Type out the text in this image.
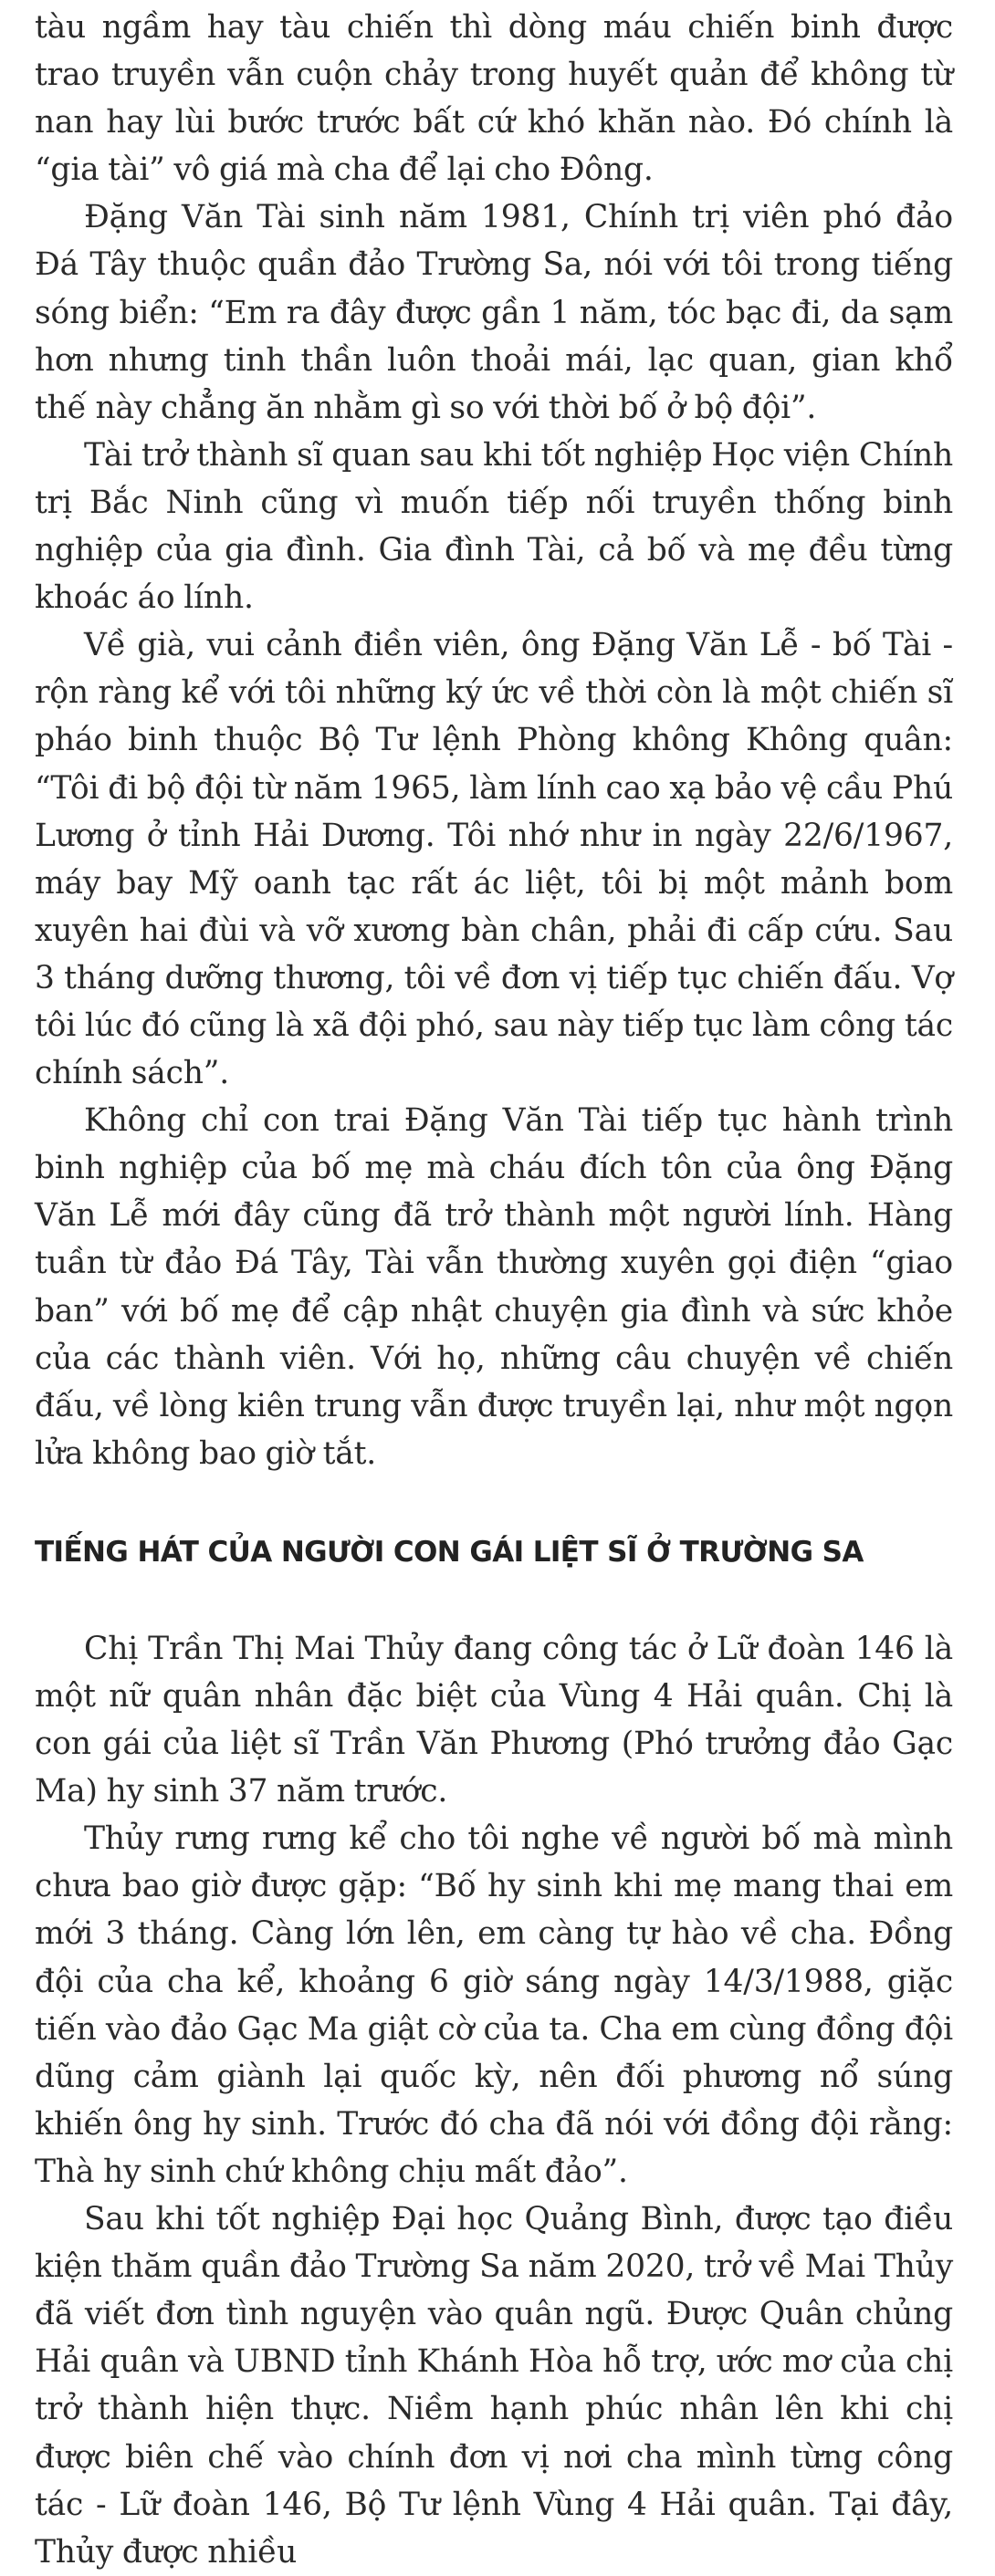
tàu ngầm hay tàu chiến thì dòng máu chiến binh được trao truyền vẫn cuộn chảy trong huyết quản để không từ nan hay lùi bước trước bất cứ khó khăn nào. Đó chính là “gia tài” vô giá mà cha để lại cho Đông.

Đặng Văn Tài sinh năm 1981, Chính trị viên phó đảo Đá Tây thuộc quần đảo Trường Sa, nói với tôi trong tiếng sóng biển: “Em ra đây được gần 1 năm, tóc bạc đi, da sạm hơn nhưng tinh thần luôn thoải mái, lạc quan, gian khổ thế này chẳng ăn nhằm gì so với thời bố ở bộ đội”.

Tài trở thành sĩ quan sau khi tốt nghiệp Học viện Chính trị Bắc Ninh cũng vì muốn tiếp nối truyền thống binh nghiệp của gia đình. Gia đình Tài, cả bố và mẹ đều từng khoác áo lính.

Về già, vui cảnh điền viên, ông Đặng Văn Lễ - bố Tài - rộn ràng kể với tôi những ký ức về thời còn là một chiến sĩ pháo binh thuộc Bộ Tư lệnh Phòng không Không quân: “Tôi đi bộ đội từ năm 1965, làm lính cao xạ bảo vệ cầu Phú Lương ở tỉnh Hải Dương. Tôi nhớ như in ngày 22/6/1967, máy bay Mỹ oanh tạc rất ác liệt, tôi bị một mảnh bom xuyên hai đùi và vỡ xương bàn chân, phải đi cấp cứu. Sau 3 tháng dưỡng thương, tôi về đơn vị tiếp tục chiến đấu. Vợ tôi lúc đó cũng là xã đội phó, sau này tiếp tục làm công tác chính sách”.

Không chỉ con trai Đặng Văn Tài tiếp tục hành trình binh nghiệp của bố mẹ mà cháu đích tôn của ông Đặng Văn Lễ mới đây cũng đã trở thành một người lính. Hàng tuần từ đảo Đá Tây, Tài vẫn thường xuyên gọi điện “giao ban” với bố mẹ để cập nhật chuyện gia đình và sức khỏe của các thành viên. Với họ, những câu chuyện về chiến đấu, về lòng kiên trung vẫn được truyền lại, như một ngọn lửa không bao giờ tắt.

TIẾNG HÁT CỦA NGƯỜI CON GÁI LIỆT SĨ Ở TRƯỜNG SA

Chị Trần Thị Mai Thủy đang công tác ở Lữ đoàn 146 là một nữ quân nhân đặc biệt của Vùng 4 Hải quân. Chị là con gái của liệt sĩ Trần Văn Phương (Phó trưởng đảo Gạc Ma) hy sinh 37 năm trước.

Thủy rưng rưng kể cho tôi nghe về người bố mà mình chưa bao giờ được gặp: “Bố hy sinh khi mẹ mang thai em mới 3 tháng. Càng lớn lên, em càng tự hào về cha. Đồng đội của cha kể, khoảng 6 giờ sáng ngày 14/3/1988, giặc tiến vào đảo Gạc Ma giật cờ của ta. Cha em cùng đồng đội dũng cảm giành lại quốc kỳ, nên đối phương nổ súng khiến ông hy sinh. Trước đó cha đã nói với đồng đội rằng: Thà hy sinh chứ không chịu mất đảo”.

Sau khi tốt nghiệp Đại học Quảng Bình, được tạo điều kiện thăm quần đảo Trường Sa năm 2020, trở về Mai Thủy đã viết đơn tình nguyện vào quân ngũ. Được Quân chủng Hải quân và UBND tỉnh Khánh Hòa hỗ trợ, ước mơ của chị trở thành hiện thực. Niềm hạnh phúc nhân lên khi chị được biên chế vào chính đơn vị nơi cha mình từng công tác - Lữ đoàn 146, Bộ Tư lệnh Vùng 4 Hải quân. Tại đây, Thủy được nhiều
